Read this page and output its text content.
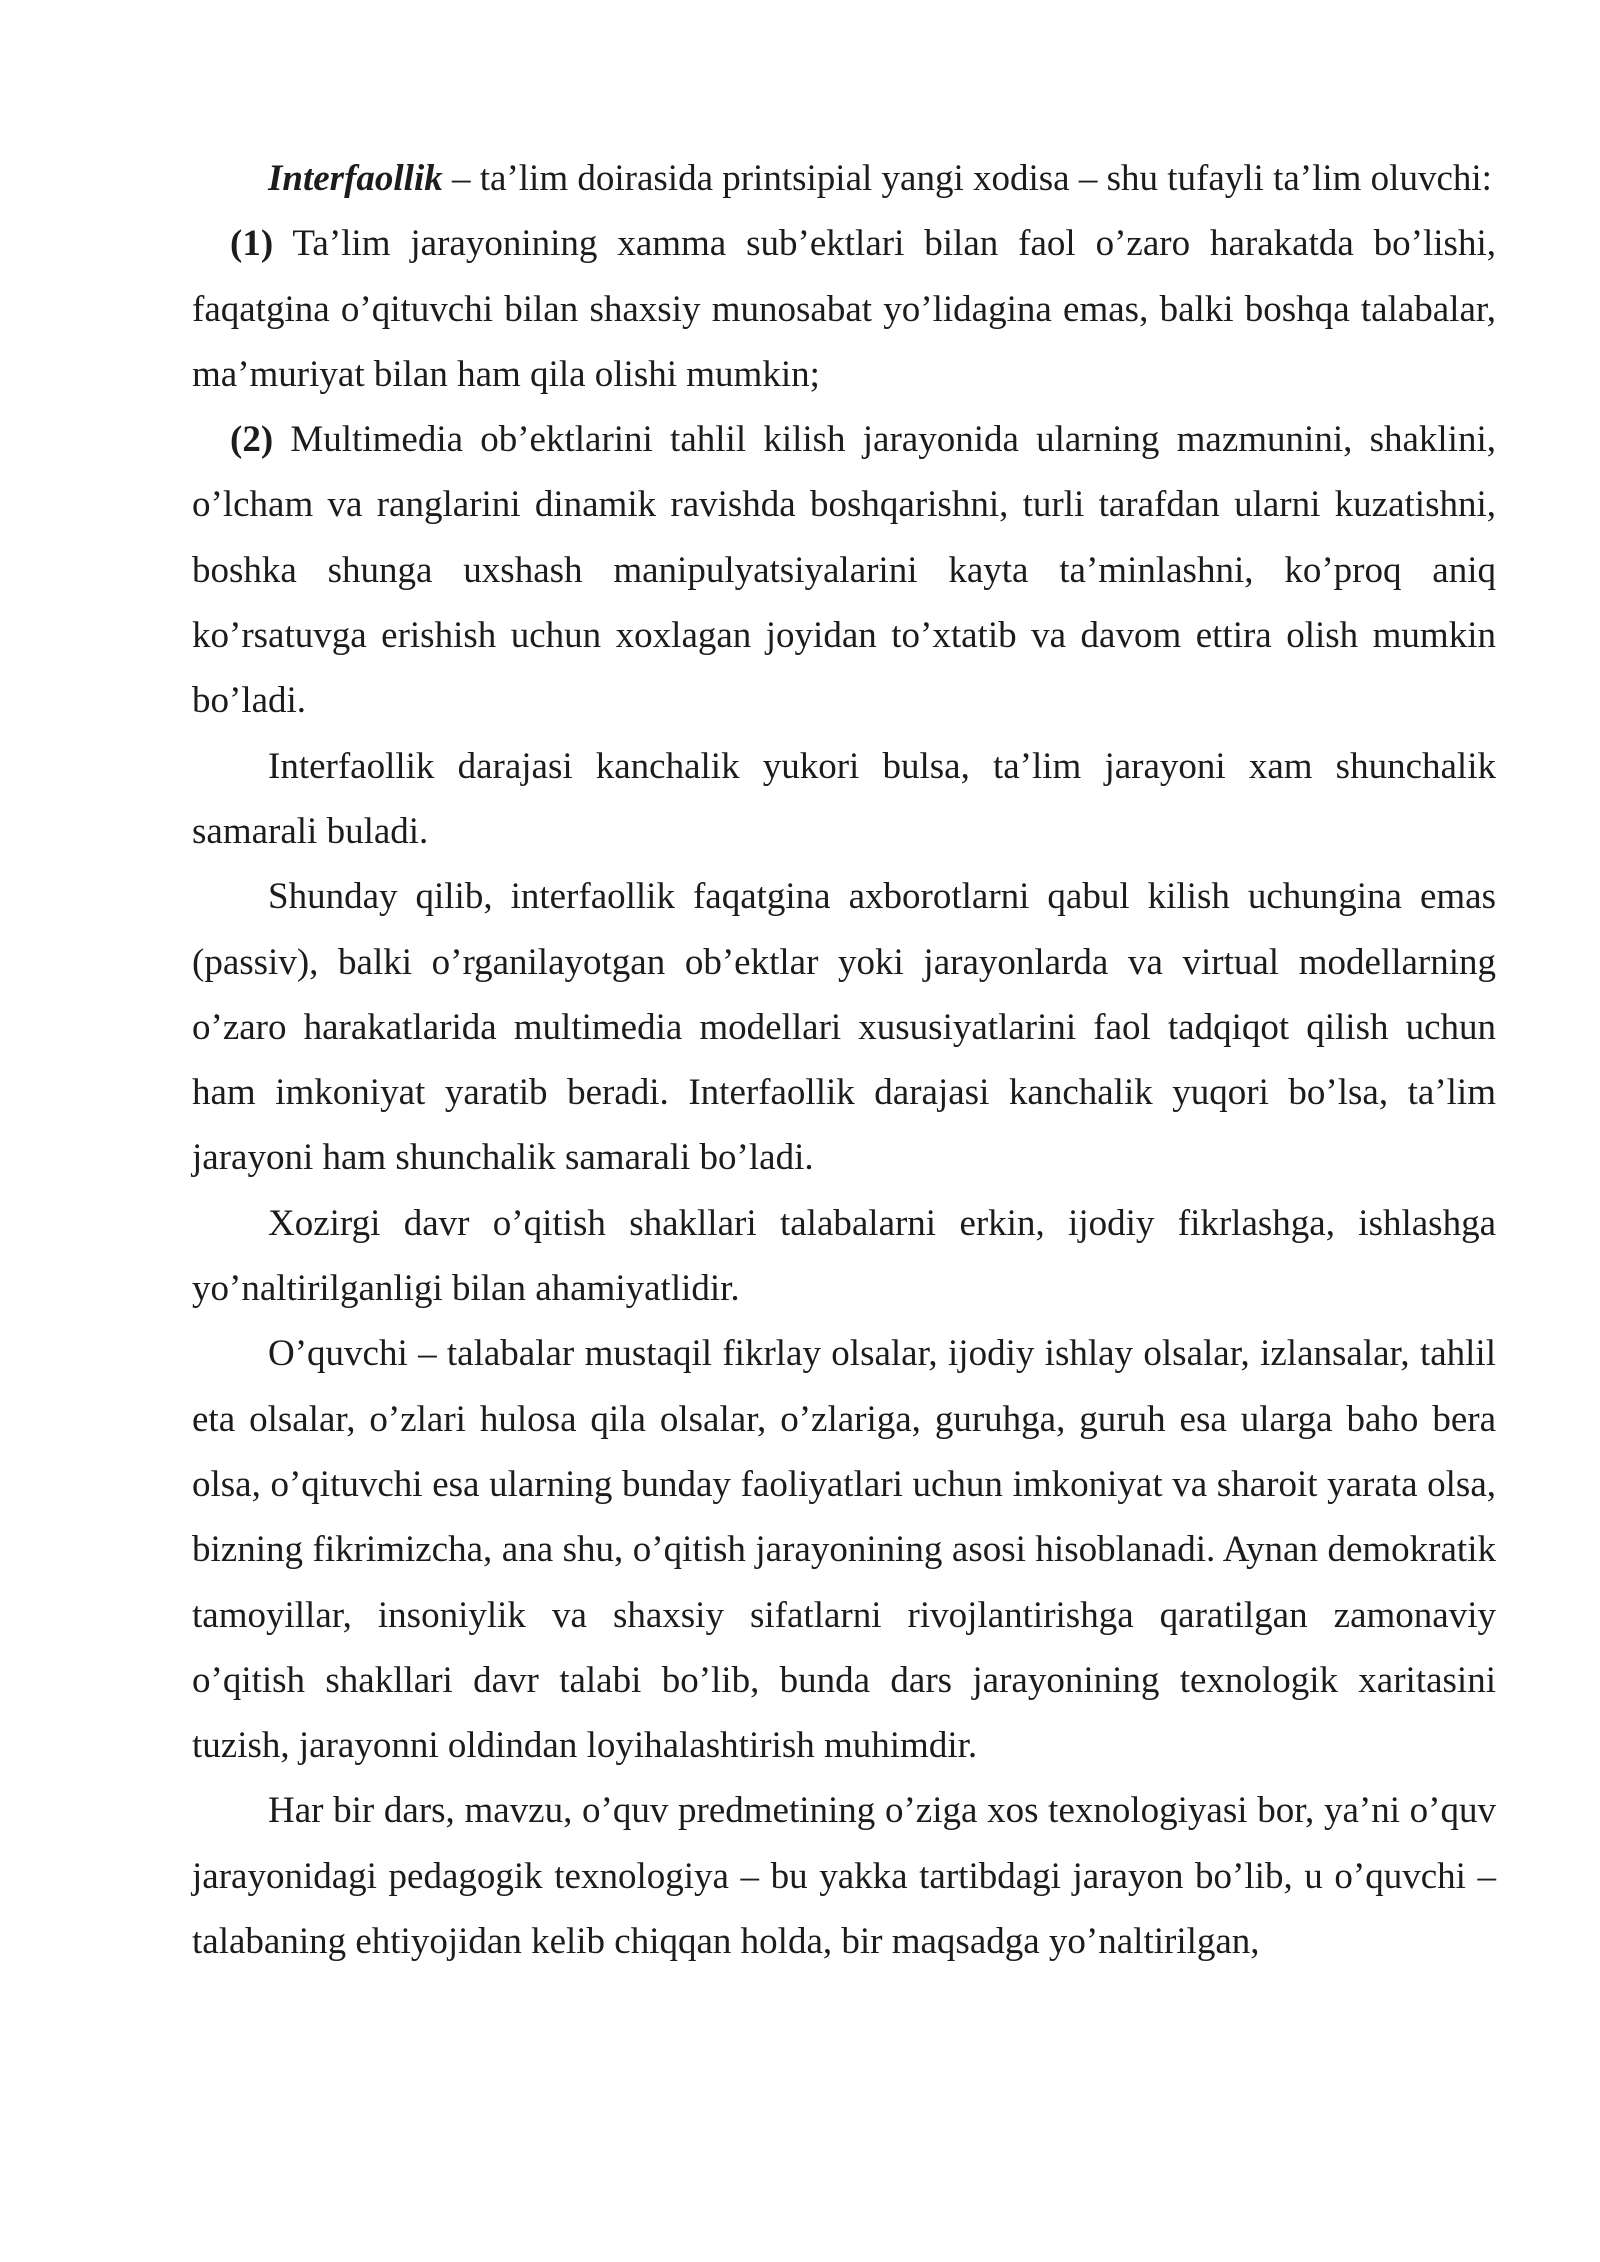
Interfaollik – ta’lim doirasida printsipial yangi xodisa – shu tufayli ta’lim oluvchi:

(1) Ta’lim jarayonining xamma sub’ektlari bilan faol o’zaro harakatda bo’lishi, faqatgina o’qituvchi bilan shaxsiy munosabat yo’lidagina emas, balki boshqa talabalar, ma’muriyat bilan ham qila olishi mumkin;

(2) Multimedia ob’ektlarini tahlil kilish jarayonida ularning mazmunini, shaklini, o’lcham va ranglarini dinamik ravishda boshqarishni, turli tarafdan ularni kuzatishni, boshka shunga uxshash manipulyatsiyalarini kayta ta’minlashni, ko’proq aniq ko’rsatuvga erishish uchun xoxlagan joyidan to’xtatib va davom ettira olish mumkin bo’ladi.

Interfaollik darajasi kanchalik yukori bulsa, ta’lim jarayoni xam shunchalik samarali buladi.

Shunday qilib, interfaollik faqatgina axborotlarni qabul kilish uchungina emas (passiv), balki o’rganilayotgan ob’ektlar yoki jarayonlarda va virtual modellarning o’zaro harakatlarida multimedia modellari xususiyatlarini faol tadqiqot qilish uchun ham imkoniyat yaratib beradi. Interfaollik darajasi kanchalik yuqori bo’lsa, ta’lim jarayoni ham shunchalik samarali bo’ladi.

Xozirgi davr o’qitish shakllari talabalarni erkin, ijodiy fikrlashga, ishlashga yo’naltirilganligi bilan ahamiyatlidir.

O’quvchi – talabalar mustaqil fikrlay olsalar, ijodiy ishlay olsalar, izlansalar, tahlil eta olsalar, o’zlari hulosa qila olsalar, o’zlariga, guruhga, guruh esa ularga baho bera olsa, o’qituvchi esa ularning bunday faoliyatlari uchun imkoniyat va sharoit yarata olsa, bizning fikrimizcha, ana shu, o’qitish jarayonining asosi hisoblanadi. Aynan demokratik tamoyillar, insoniylik va shaxsiy sifatlarni rivojlantirishga qaratilgan zamonaviy o’qitish shakllari davr talabi bo’lib, bunda dars jarayonining texnologik xaritasini tuzish, jarayonni oldindan loyihalashtirish muhimdir.

Har bir dars, mavzu, o’quv predmetining o’ziga xos texnologiyasi bor, ya’ni o’quv jarayonidagi pedagogik texnologiya – bu yakka tartibdagi jarayon bo’lib, u o’quvchi – talabaning ehtiyojidan kelib chiqqan holda, bir maqsadga yo’naltirilgan,
